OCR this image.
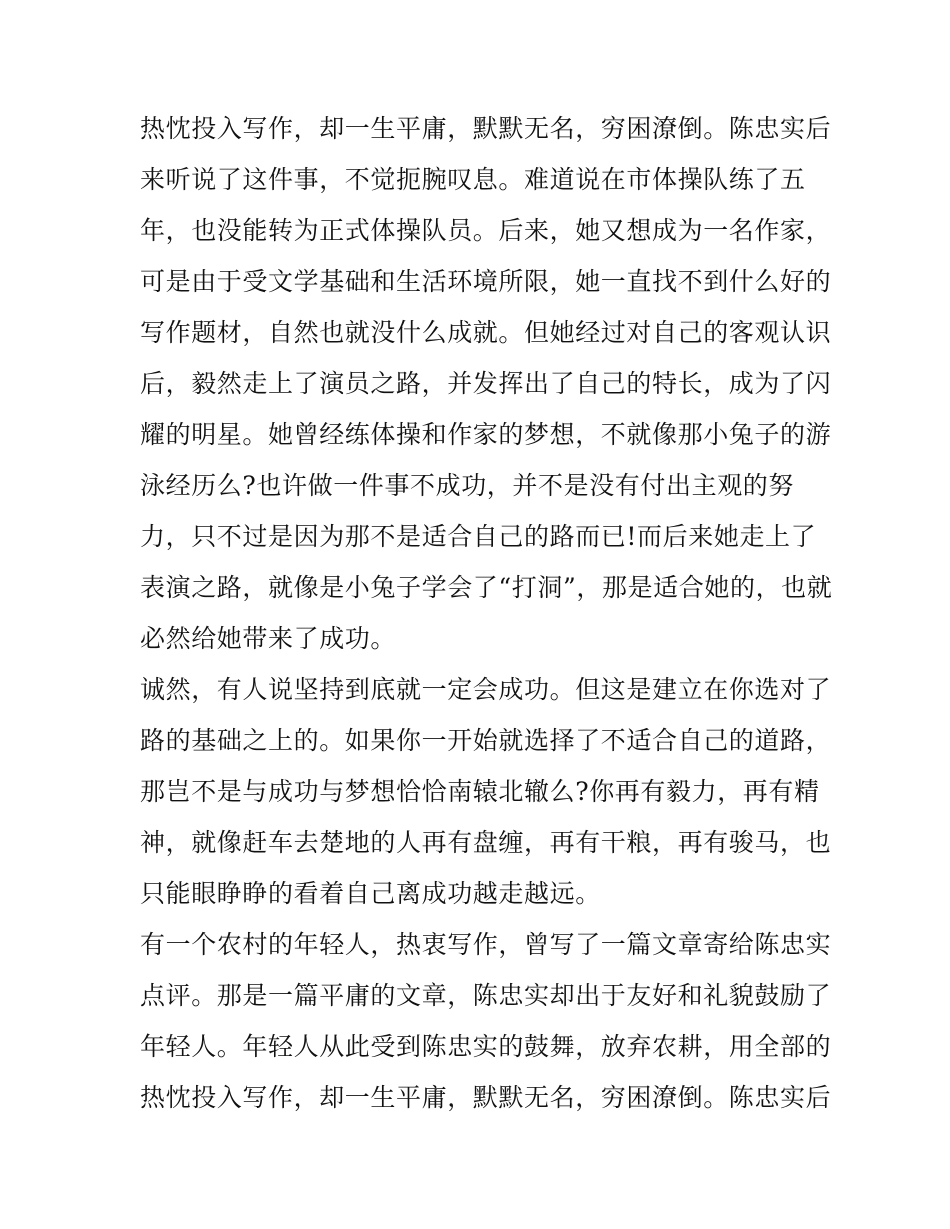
热忱投入写作，却一生平庸，默默无名，穷困潦倒。陈忠实后
来听说了这件事，不觉扼腕叹息。难道说在市体操队练了五
年，也没能转为正式体操队员。后来，她又想成为一名作家，
可是由于受文学基础和生活环境所限，她一直找不到什么好的
写作题材，自然也就没什么成就。但她经过对自己的客观认识
后，毅然走上了演员之路，并发挥出了自己的特长，成为了闪
耀的明星。她曾经练体操和作家的梦想，不就像那小兔子的游
泳经历么?也许做一件事不成功，并不是没有付出主观的努
力，只不过是因为那不是适合自己的路而已!而后来她走上了
表演之路，就像是小兔子学会了“打洞”，那是适合她的，也就
必然给她带来了成功。
诚然，有人说坚持到底就一定会成功。但这是建立在你选对了
路的基础之上的。如果你一开始就选择了不适合自己的道路，
那岂不是与成功与梦想恰恰南辕北辙么?你再有毅力，再有精
神，就像赶车去楚地的人再有盘缠，再有干粮，再有骏马，也
只能眼睁睁的看着自己离成功越走越远。
有一个农村的年轻人，热衷写作，曾写了一篇文章寄给陈忠实
点评。那是一篇平庸的文章，陈忠实却出于友好和礼貌鼓励了
年轻人。年轻人从此受到陈忠实的鼓舞，放弃农耕，用全部的
热忱投入写作，却一生平庸，默默无名，穷困潦倒。陈忠实后
